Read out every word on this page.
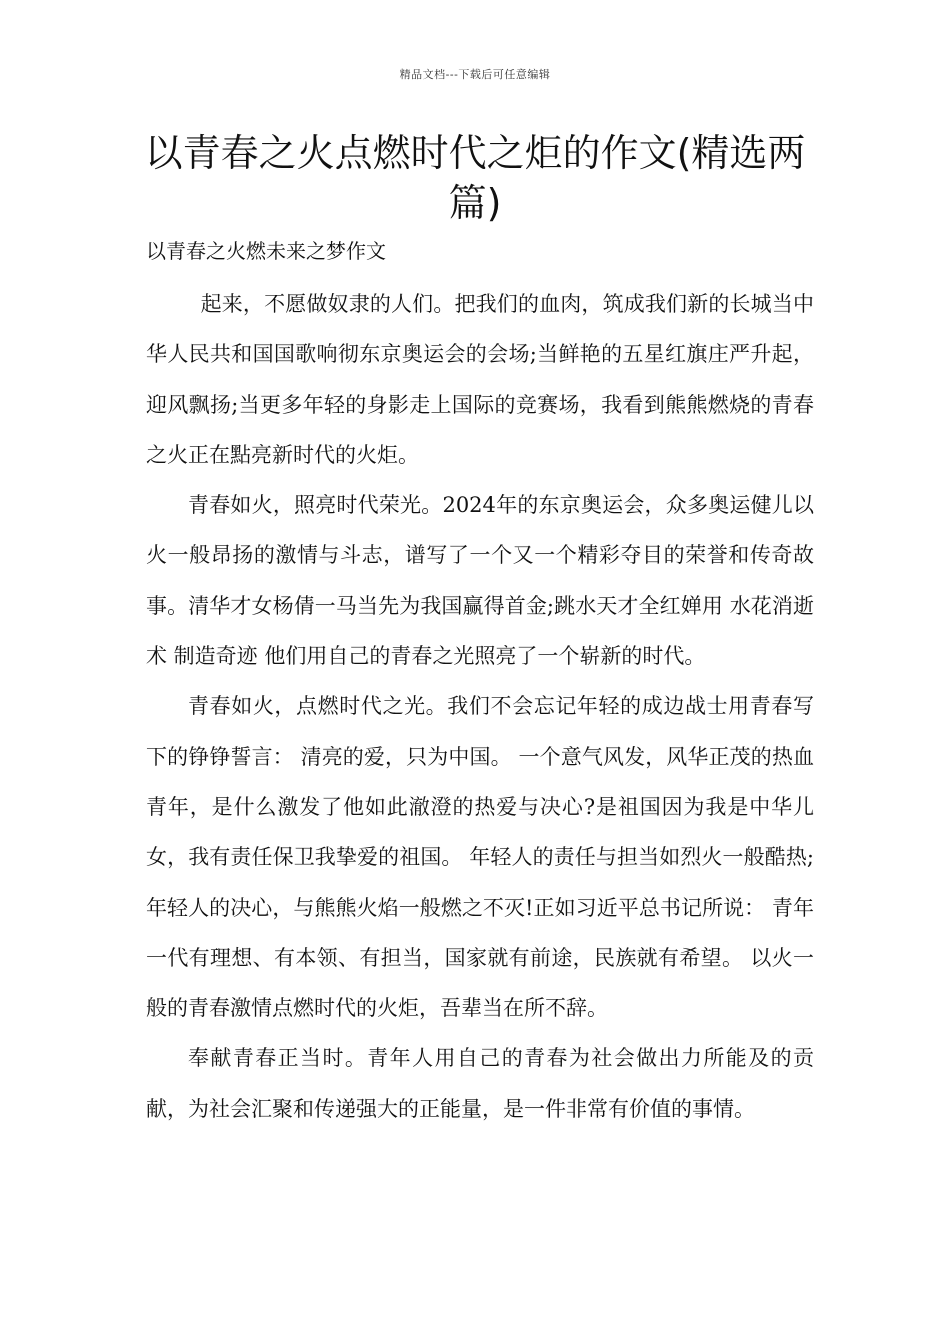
精品文档---下载后可任意编辑
以青春之火点燃时代之炬的作文(精选两篇)
以青春之火燃未来之梦作文

起来，不愿做奴隶的人们。把我们的血肉，筑成我们新的长城当中华人民共和国国歌响彻东京奥运会的会场;当鲜艳的五星红旗庄严升起，迎风飘扬;当更多年轻的身影走上国际的竞赛场，我看到熊熊燃烧的青春之火正在點亮新时代的火炬。

青春如火，照亮时代荣光。2024年的东京奥运会，众多奥运健儿以火一般昂扬的激情与斗志，谱写了一个又一个精彩夺目的荣誉和传奇故事。清华才女杨倩一马当先为我国赢得首金;跳水天才全红婵用 水花消逝术 制造奇迹 他们用自己的青春之光照亮了一个崭新的时代。

青春如火，点燃时代之光。我们不会忘记年轻的成边战士用青春写下的铮铮誓言： 清亮的爱，只为中国。 一个意气风发，风华正茂的热血青年，是什么激发了他如此澈澄的热爱与决心?是祖国因为我是中华儿女，我有责任保卫我挚爱的祖国。 年轻人的责任与担当如烈火一般酷热;年轻人的决心，与熊熊火焰一般燃之不灭!正如习近平总书记所说： 青年一代有理想、有本领、有担当，国家就有前途，民族就有希望。 以火一般的青春激情点燃时代的火炬，吾辈当在所不辞。

奉献青春正当时。青年人用自己的青春为社会做出力所能及的贡献，为社会汇聚和传递强大的正能量，是一件非常有价值的事情。
